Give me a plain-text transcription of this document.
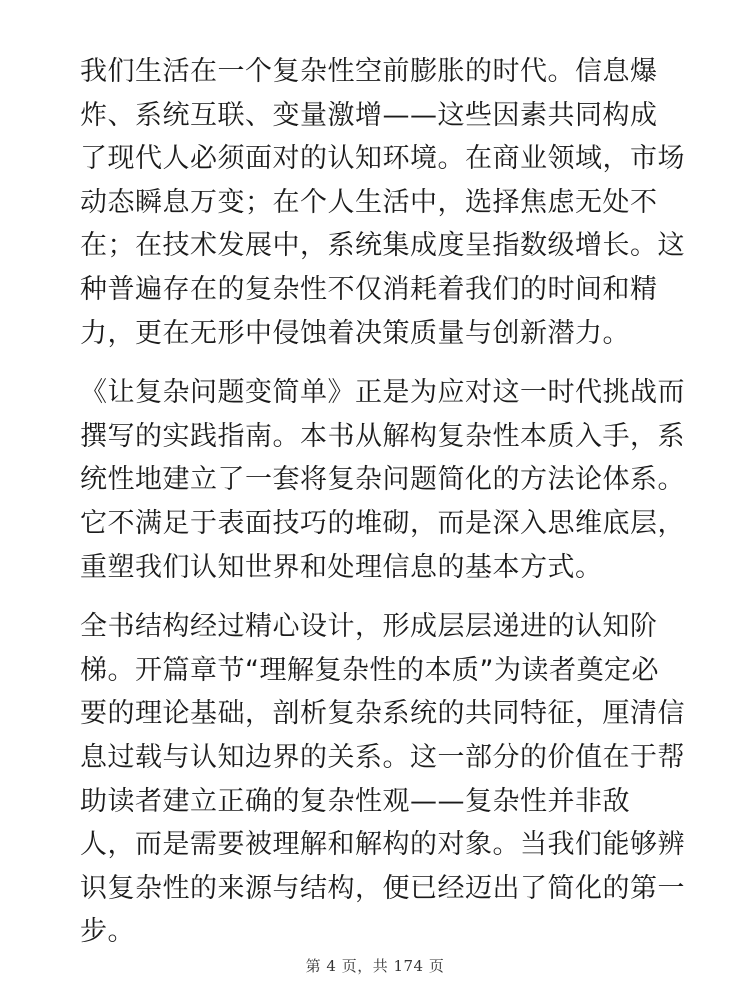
我们生活在一个复杂性空前膨胀的时代。信息爆
炸、系统互联、变量激增——这些因素共同构成
了现代人必须面对的认知环境。在商业领域，市场
动态瞬息万变；在个人生活中，选择焦虑无处不
在；在技术发展中，系统集成度呈指数级增长。这
种普遍存在的复杂性不仅消耗着我们的时间和精
力，更在无形中侵蚀着决策质量与创新潜力。

《让复杂问题变简单》正是为应对这一时代挑战而
撰写的实践指南。本书从解构复杂性本质入手，系
统性地建立了一套将复杂问题简化的方法论体系。
它不满足于表面技巧的堆砌，而是深入思维底层，
重塑我们认知世界和处理信息的基本方式。

全书结构经过精心设计，形成层层递进的认知阶
梯。开篇章节“理解复杂性的本质”为读者奠定必
要的理论基础，剖析复杂系统的共同特征，厘清信
息过载与认知边界的关系。这一部分的价值在于帮
助读者建立正确的复杂性观——复杂性并非敌
人，而是需要被理解和解构的对象。当我们能够辨
识复杂性的来源与结构，便已经迈出了简化的第一
步。

第 4 页，共 174 页
